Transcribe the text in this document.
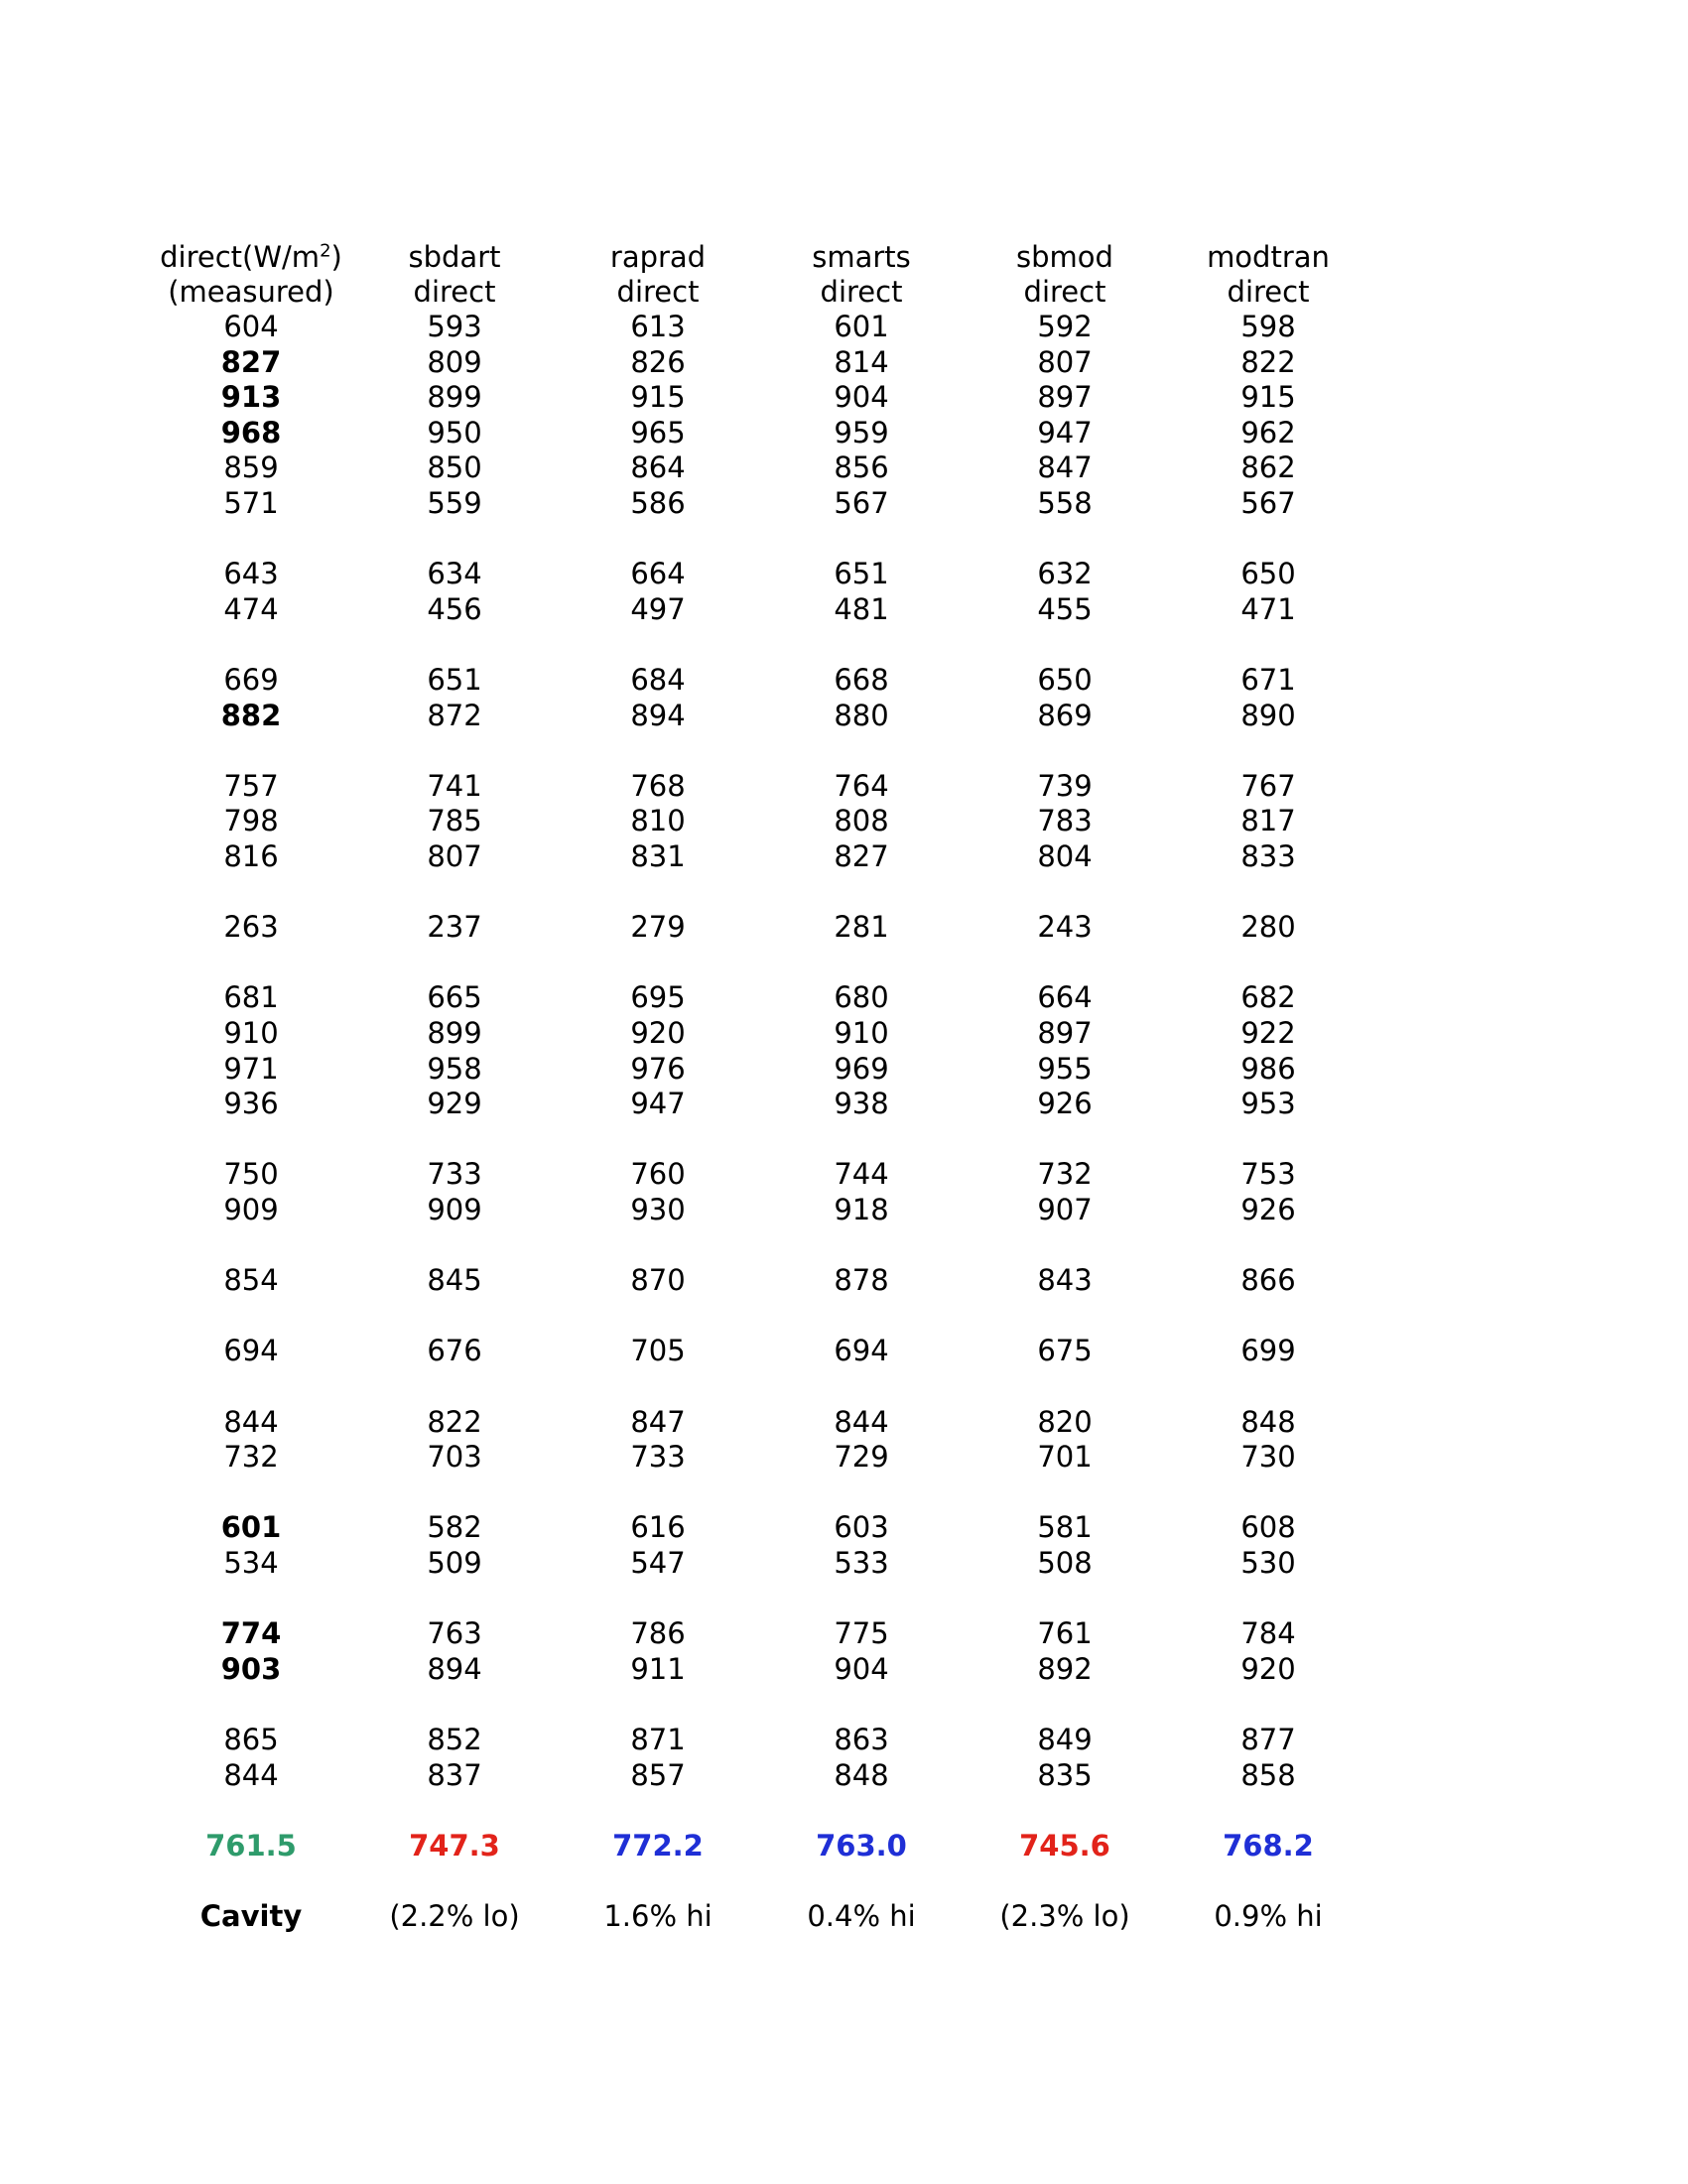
$direct(W/m^2)$	sbdart	raprad	smarts	sbmod	modtran
(measured)	direct	direct	direct	direct	direct
604	593	613	601	592	598
827	809	826	814	807	822
913	899	915	904	897	915
968	950	965	959	947	962
859	850	864	856	847	862
571	559	586	567	558	567
643	634	664	651	632	650
474	456	497	481	455	471
669	651	684	668	650	671
882	872	894	880	869	890
757	741	768	764	739	767
798	785	810	808	783	817
816	807	831	827	804	833
263	237	279	281	243	280
681	665	695	680	664	682
910	899	920	910	897	922
971	958	976	969	955	986
936	929	947	938	926	953
750	733	760	744	732	753
909	909	930	918	907	926
854	845	870	878	843	866
694	676	705	694	675	699
844	822	847	844	820	848
732	703	733	729	701	730
601	582	616	603	581	608
534	509	547	533	508	530
774	763	786	775	761	784
903	894	911	904	892	920
865	852	871	863	849	877
844	837	857	848	835	858
761.5	747.3	772.2	763.0	745.6	768.2
Cavity	(2.2% lo)	1.6% hi	0.4% hi	(2.3% lo)	0.9% hi
